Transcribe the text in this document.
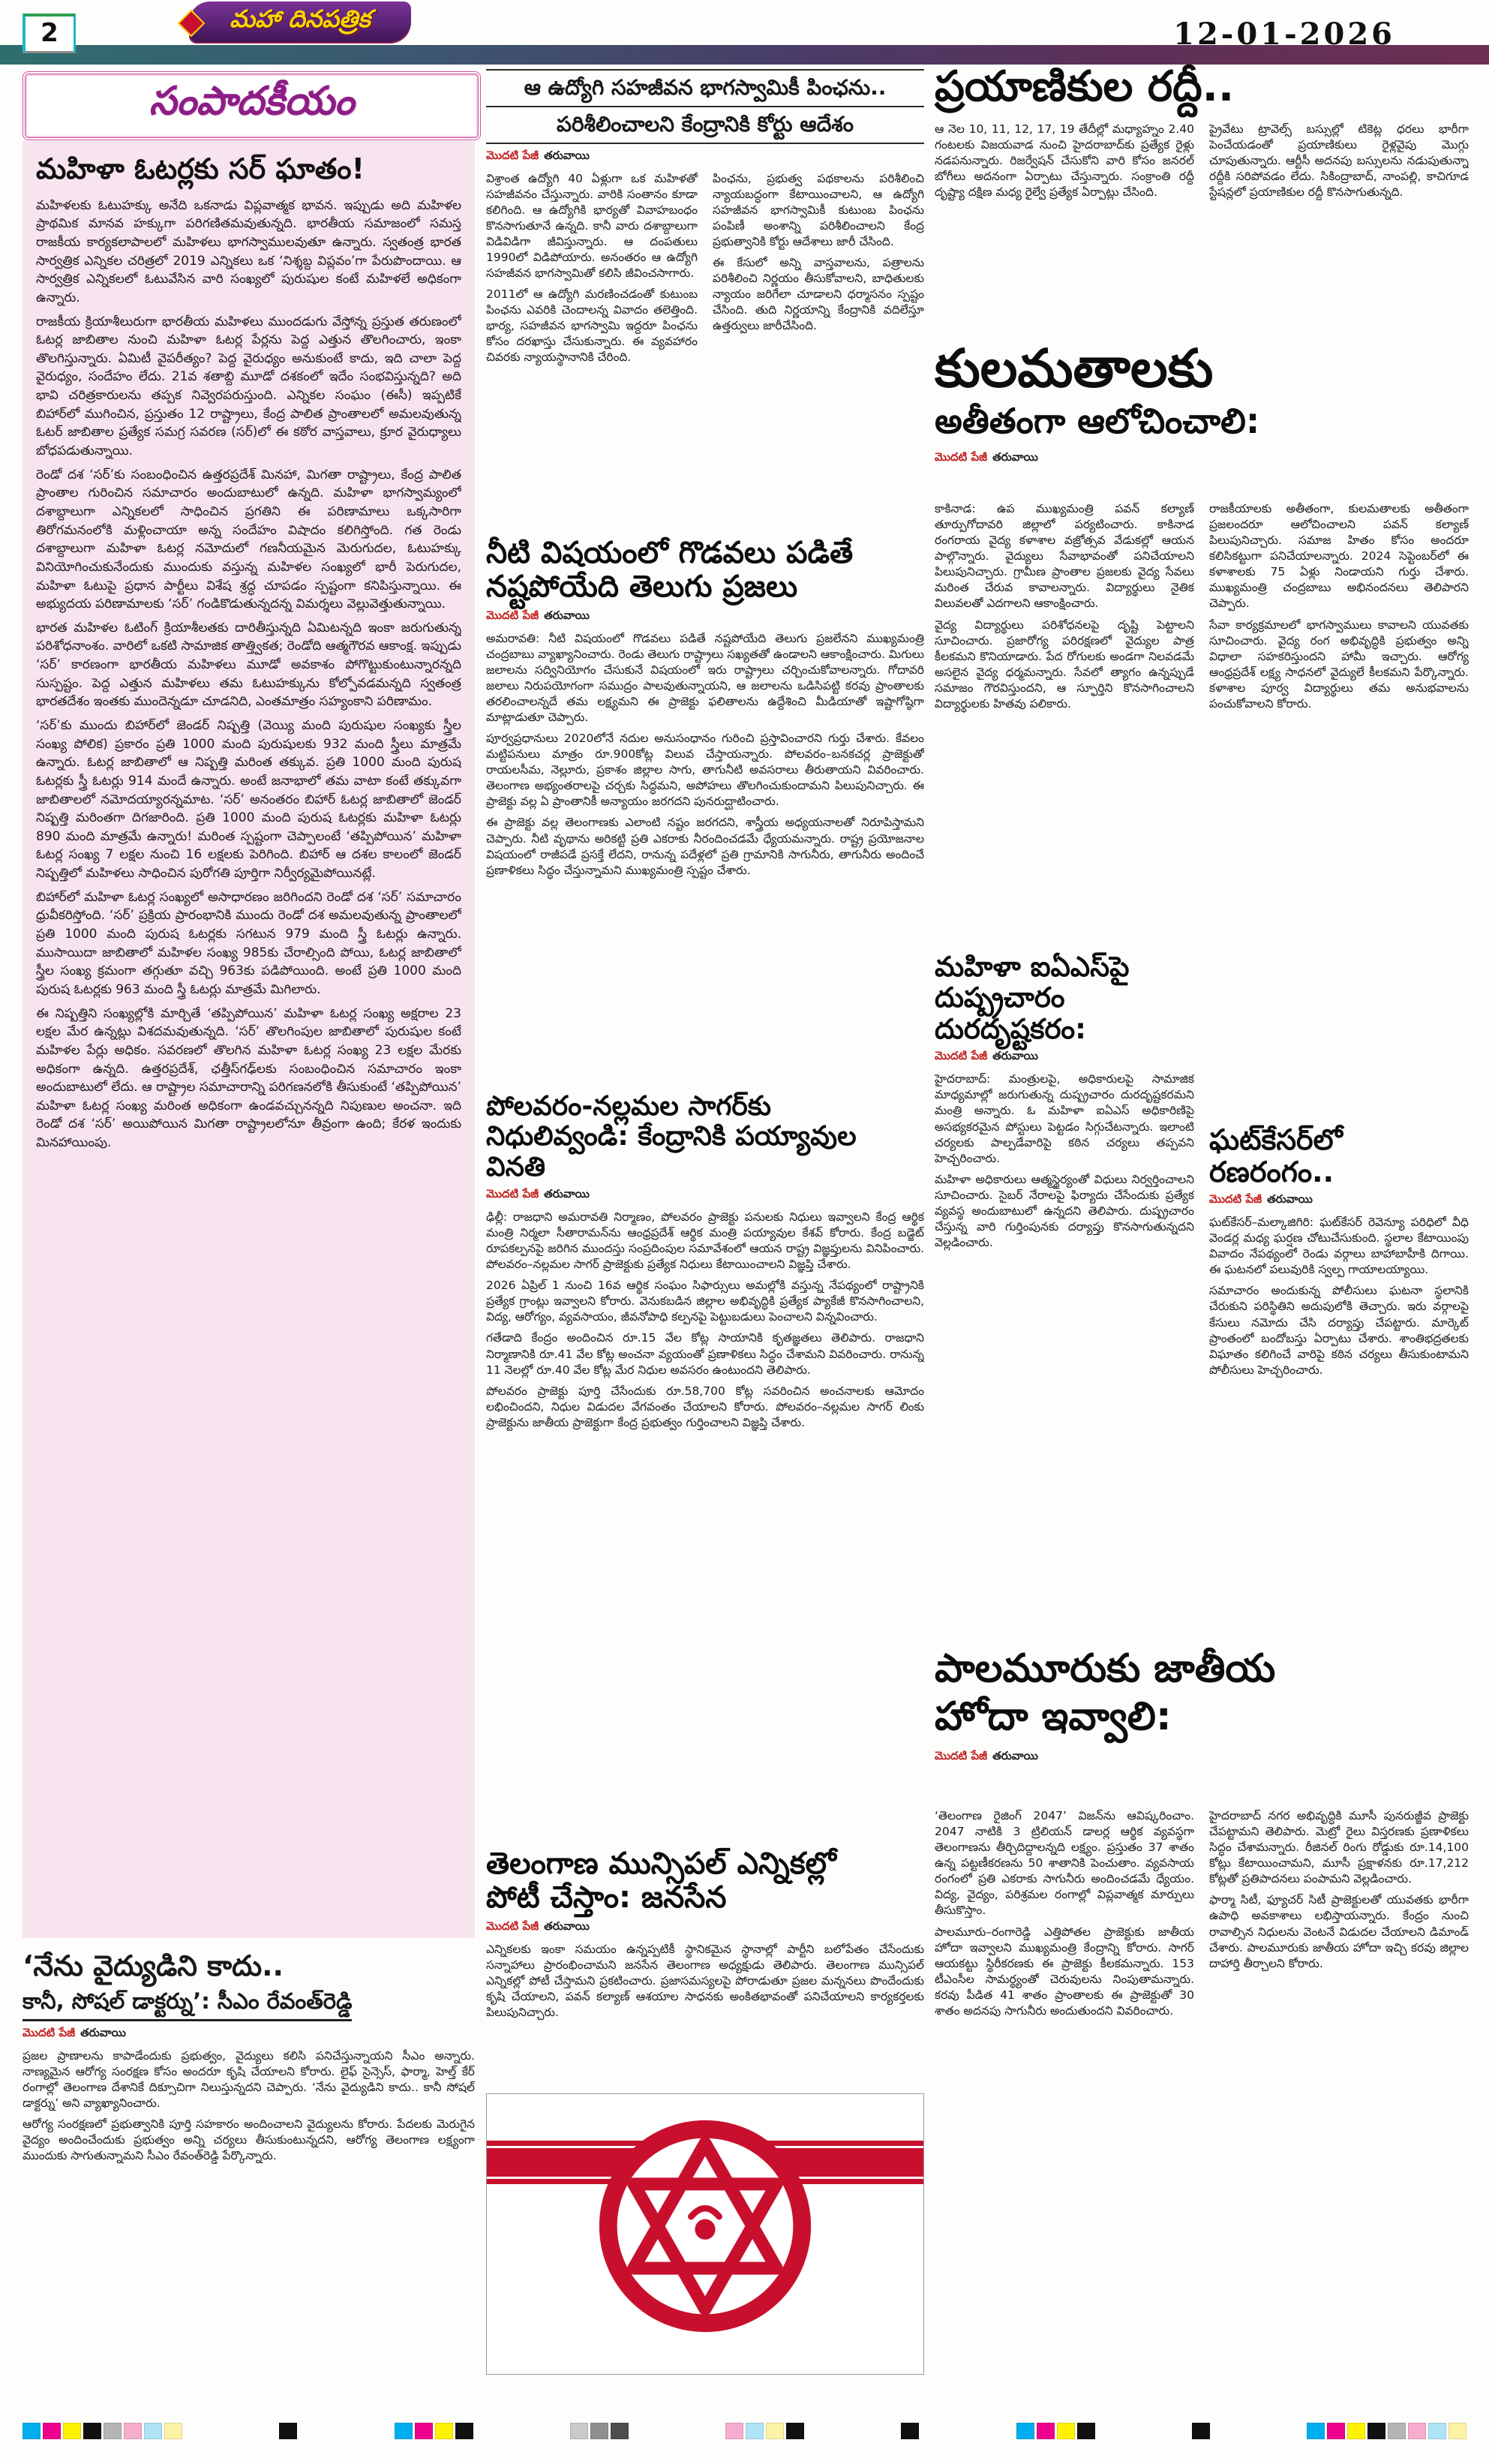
2	మహా దినపత్రిక	12-01-2026
సంపాదకీయం
మహిళా ఓటర్లకు సర్ ఘాతం!

మహిళలకు ఓటుహక్కు అనేది ఒకనాడు విప్లవాత్మక భావన. ఇప్పుడు అది మహిళల ప్రాథమిక మానవ హక్కుగా పరిగణితమవుతున్నది. భారతీయ సమాజంలో సమస్త రాజకీయ కార్యకలాపాలలో మహిళలు భాగస్వాములవుతూ ఉన్నారు. స్వతంత్ర భారత సార్వత్రిక ఎన్నికల చరిత్రలో 2019 ఎన్నికలు ఒక ‘నిశ్శబ్ద విప్లవం’గా పేరుపొందాయి. ఆ సార్వత్రిక ఎన్నికలలో ఓటువేసిన వారి సంఖ్యలో పురుషుల కంటే మహిళలే అధికంగా ఉన్నారు.

రాజకీయ క్రియాశీలురుగా భారతీయ మహిళలు ముందడుగు వేస్తోన్న ప్రస్తుత తరుణంలో ఓటర్ల జాబితాల నుంచి మహిళా ఓటర్ల పేర్లను పెద్ద ఎత్తున తొలగించారు, ఇంకా తొలగిస్తున్నారు. ఏమిటీ వైపరీత్యం? పెద్ద వైరుధ్యం అనుకుంటే కాదు, ఇది చాలా పెద్ద వైరుధ్యం, సందేహం లేదు. 21వ శతాబ్ది మూడో దశకంలో ఇదేం సంభవిస్తున్నది? అది భావి చరిత్రకారులను తప్పక నివ్వెరపరుస్తుంది. ఎన్నికల సంఘం (ఈసీ) ఇప్పటికే బిహార్‌లో ముగించిన, ప్రస్తుతం 12 రాష్ట్రాలు, కేంద్ర పాలిత ప్రాంతాలలో అమలవుతున్న ఓటర్ జాబితాల ప్రత్యేక సమగ్ర సవరణ (సర్)లో ఈ కఠోర వాస్తవాలు, క్రూర వైరుధ్యాలు బోధపడుతున్నాయి.

రెండో దశ ‘సర్’కు సంబంధించిన ఉత్తరప్రదేశ్ మినహా, మిగతా రాష్ట్రాలు, కేంద్ర పాలిత ప్రాంతాల గురించిన సమాచారం అందుబాటులో ఉన్నది. మహిళా భాగస్వామ్యంలో దశాబ్దాలుగా ఎన్నికలలో సాధించిన ప్రగతిని ఈ పరిణామాలు ఒక్కసారిగా తిరోగమనంలోకి మళ్లించాయా అన్న సందేహం విషాదం కలిగిస్తోంది. గత రెండు దశాబ్దాలుగా మహిళా ఓటర్ల నమోదులో గణనీయమైన మెరుగుదల, ఓటుహక్కు వినియోగించుకునేందుకు ముందుకు వస్తున్న మహిళల సంఖ్యలో భారీ పెరుగుదల, మహిళా ఓటుపై ప్రధాన పార్టీలు విశేష శ్రద్ధ చూపడం స్పష్టంగా కనిపిస్తున్నాయి. ఈ అభ్యుదయ పరిణామాలకు ‘సర్’ గండికొడుతున్నదన్న విమర్శలు వెల్లువెత్తుతున్నాయి.

భారత మహిళల ఓటింగ్ క్రియాశీలతకు దారితీస్తున్నది ఏమిటన్నది ఇంకా జరుగుతున్న పరిశోధనాంశం. వారిలో ఒకటి సామాజిక తాత్త్వికత; రెండోది ఆత్మగౌరవ ఆకాంక్ష. ఇప్పుడు ‘సర్’ కారణంగా భారతీయ మహిళలు మూడో అవకాశం పోగొట్టుకుంటున్నారన్నది సుస్పష్టం. పెద్ద ఎత్తున మహిళలు తమ ఓటుహక్కును కోల్పోవడమన్నది స్వతంత్ర భారతదేశం ఇంతకు ముందెన్నడూ చూడనిది, ఎంతమాత్రం సహ్యంకాని పరిణామం.

‘సర్’కు ముందు బిహార్‌లో జెండర్ నిష్పత్తి (వెయ్యి మంది పురుషుల సంఖ్యకు స్త్రీల సంఖ్య పోలిక) ప్రకారం ప్రతి 1000 మంది పురుషులకు 932 మంది స్త్రీలు మాత్రమే ఉన్నారు. ఓటర్ల జాబితాలో ఆ నిష్పత్తి మరింత తక్కువ. ప్రతి 1000 మంది పురుష ఓటర్లకు స్త్రీ ఓటర్లు 914 మందే ఉన్నారు. అంటే జనాభాలో తమ వాటా కంటే తక్కువగా జాబితాలలో నమోదయ్యారన్నమాట. ‘సర్’ అనంతరం బిహార్ ఓటర్ల జాబితాలో జెండర్ నిష్పత్తి మరింతగా దిగజారింది. ప్రతి 1000 మంది పురుష ఓటర్లకు మహిళా ఓటర్లు 890 మంది మాత్రమే ఉన్నారు! మరింత స్పష్టంగా చెప్పాలంటే ‘తప్పిపోయిన’ మహిళా ఓటర్ల సంఖ్య 7 లక్షల నుంచి 16 లక్షలకు పెరిగింది. బిహార్ ఆ దశల కాలంలో జెండర్ నిష్పత్తిలో మహిళలు సాధించిన పురోగతి పూర్తిగా నిర్వీర్యమైపోయినట్లే.

బిహార్‌లో మహిళా ఓటర్ల సంఖ్యలో అసాధారణం జరిగిందని రెండో దశ ‘సర్’ సమాచారం ధ్రువీకరిస్తోంది. ‘సర్’ ప్రక్రియ ప్రారంభానికి ముందు రెండో దశ అమలవుతున్న ప్రాంతాలలో ప్రతి 1000 మంది పురుష ఓటర్లకు సగటున 979 మంది స్త్రీ ఓటర్లు ఉన్నారు. ముసాయిదా జాబితాలో మహిళల సంఖ్య 985కు చేరాల్సింది పోయి, ఓటర్ల జాబితాలో స్త్రీల సంఖ్య క్రమంగా తగ్గుతూ వచ్చి 963కు పడిపోయింది. అంటే ప్రతి 1000 మంది పురుష ఓటర్లకు 963 మంది స్త్రీ ఓటర్లు మాత్రమే మిగిలారు.

ఈ నిష్పత్తిని సంఖ్యల్లోకి మార్చితే ‘తప్పిపోయిన’ మహిళా ఓటర్ల సంఖ్య అక్షరాల 23 లక్షల మేర ఉన్నట్లు విశదమవుతున్నది. ‘సర్’ తొలగింపుల జాబితాలో పురుషుల కంటే మహిళల పేర్లు అధికం. సవరణలో తొలగిన మహిళా ఓటర్ల సంఖ్య 23 లక్షల మేరకు అధికంగా ఉన్నది. ఉత్తరప్రదేశ్, ఛత్తీస్‌గఢ్‌లకు సంబంధించిన సమాచారం ఇంకా అందుబాటులో లేదు. ఆ రాష్ట్రాల సమాచారాన్ని పరిగణనలోకి తీసుకుంటే ‘తప్పిపోయిన’ మహిళా ఓటర్ల సంఖ్య మరింత అధికంగా ఉండవచ్చునన్నది నిపుణుల అంచనా. ఇది రెండో దశ ‘సర్’ అయిపోయిన మిగతా రాష్ట్రాలలోనూ తీవ్రంగా ఉంది; కేరళ ఇందుకు మినహాయింపు.

‘నేను వైద్యుడిని కాదు..
కానీ, సోషల్ డాక్టర్ను’: సీఎం రేవంత్‌రెడ్డి
మొదటి పేజీ తరువాయి

ప్రజల ప్రాణాలను కాపాడేందుకు ప్రభుత్వం, వైద్యులు కలిసి పనిచేస్తున్నాయని సీఎం అన్నారు. నాణ్యమైన ఆరోగ్య సంరక్షణ కోసం అందరూ కృషి చేయాలని కోరారు. లైఫ్ సైన్సెస్, ఫార్మా, హెల్త్ కేర్ రంగాల్లో తెలంగాణ దేశానికే దిక్సూచిగా నిలుస్తున్నదని చెప్పారు. ‘నేను వైద్యుడిని కాదు.. కానీ సోషల్ డాక్టర్ను’ అని వ్యాఖ్యానించారు.

ఆరోగ్య సంరక్షణలో ప్రభుత్వానికి పూర్తి సహకారం అందించాలని వైద్యులను కోరారు. పేదలకు మెరుగైన వైద్యం అందించేందుకు ప్రభుత్వం అన్ని చర్యలు తీసుకుంటున్నదని, ఆరోగ్య తెలంగాణ లక్ష్యంగా ముందుకు సాగుతున్నామని సీఎం రేవంత్‌రెడ్డి పేర్కొన్నారు.

ఆ ఉద్యోగి సహజీవన భాగస్వామికీ పింఛను..
పరిశీలించాలని కేంద్రానికి కోర్టు ఆదేశం
మొదటి పేజీ తరువాయి

విశ్రాంత ఉద్యోగి 40 ఏళ్లుగా ఒక మహిళతో సహజీవనం చేస్తున్నారు. వారికి సంతానం కూడా కలిగింది. ఆ ఉద్యోగికి భార్యతో వివాహబంధం కొనసాగుతూనే ఉన్నది. కానీ వారు దశాబ్దాలుగా విడివిడిగా జీవిస్తున్నారు. ఆ దంపతులు 1990లో విడిపోయారు. అనంతరం ఆ ఉద్యోగి సహజీవన భాగస్వామితో కలిసి జీవించసాగారు.

2011లో ఆ ఉద్యోగి మరణించడంతో కుటుంబ పింఛను ఎవరికి చెందాలన్న వివాదం తలెత్తింది. భార్య, సహజీవన భాగస్వామి ఇద్దరూ పింఛను కోసం దరఖాస్తు చేసుకున్నారు. ఈ వ్యవహారం చివరకు న్యాయస్థానానికి చేరింది.

పింఛను, ప్రభుత్వ పథకాలను పరిశీలించి న్యాయబద్ధంగా కేటాయించాలని, ఆ ఉద్యోగి సహజీవన భాగస్వామికీ కుటుంబ పింఛను పంపిణీ అంశాన్ని పరిశీలించాలని కేంద్ర ప్రభుత్వానికి కోర్టు ఆదేశాలు జారీ చేసింది.

ఈ కేసులో అన్ని వాస్తవాలను, పత్రాలను పరిశీలించి నిర్ణయం తీసుకోవాలని, బాధితులకు న్యాయం జరిగేలా చూడాలని ధర్మాసనం స్పష్టం చేసింది. తుది నిర్ణయాన్ని కేంద్రానికి వదిలేస్తూ ఉత్తర్వులు జారీచేసింది.

నీటి విషయంలో గొడవలు పడితే
నష్టపోయేది తెలుగు ప్రజలు
మొదటి పేజీ తరువాయి

అమరావతి: నీటి విషయంలో గొడవలు పడితే నష్టపోయేది తెలుగు ప్రజలేనని ముఖ్యమంత్రి చంద్రబాబు వ్యాఖ్యానించారు. రెండు తెలుగు రాష్ట్రాలు సఖ్యతతో ఉండాలని ఆకాంక్షించారు. మిగులు జలాలను సద్వినియోగం చేసుకునే విషయంలో ఇరు రాష్ట్రాలు చర్చించుకోవాలన్నారు. గోదావరి జలాలు నిరుపయోగంగా సముద్రం పాలవుతున్నాయని, ఆ జలాలను ఒడిసిపట్టి కరవు ప్రాంతాలకు తరలించాలన్నదే తమ లక్ష్యమని ఈ ప్రాజెక్టు ఫలితాలను ఉద్దేశించి మీడియాతో ఇష్టాగోష్ఠిగా మాట్లాడుతూ చెప్పారు.

పూర్వప్రధానులు 2020లోనే నదుల అనుసంధానం గురించి ప్రస్తావించారని గుర్తు చేశారు. కేవలం మట్టిపనులు మాత్రం రూ.900కోట్ల విలువ చేస్తాయన్నారు. పోలవరం–బనకచర్ల ప్రాజెక్టుతో రాయలసీమ, నెల్లూరు, ప్రకాశం జిల్లాల సాగు, తాగునీటి అవసరాలు తీరుతాయని వివరించారు. తెలంగాణ అభ్యంతరాలపై చర్చకు సిద్ధమని, అపోహలు తొలగించుకుందామని పిలుపునిచ్చారు. ఈ ప్రాజెక్టు వల్ల ఏ ప్రాంతానికీ అన్యాయం జరగదని పునరుద్ఘాటించారు.

ఈ ప్రాజెక్టు వల్ల తెలంగాణకు ఎలాంటి నష్టం జరగదని, శాస్త్రీయ అధ్యయనాలతో నిరూపిస్తామని చెప్పారు. నీటి వృథాను అరికట్టి ప్రతి ఎకరాకు నీరందించడమే ధ్యేయమన్నారు. రాష్ట్ర ప్రయోజనాల విషయంలో రాజీపడే ప్రసక్తే లేదని, రానున్న పదేళ్లలో ప్రతి గ్రామానికి సాగునీరు, తాగునీరు అందించే ప్రణాళికలు సిద్ధం చేస్తున్నామని ముఖ్యమంత్రి స్పష్టం చేశారు.

పోలవరం-నల్లమల సాగర్‌కు
నిధులివ్వండి: కేంద్రానికి పయ్యావుల వినతి
మొదటి పేజీ తరువాయి

ఢిల్లీ: రాజధాని అమరావతి నిర్మాణం, పోలవరం ప్రాజెక్టు పనులకు నిధులు ఇవ్వాలని కేంద్ర ఆర్థిక మంత్రి నిర్మలా సీతారామన్‌ను ఆంధ్రప్రదేశ్ ఆర్థిక మంత్రి పయ్యావుల కేశవ్ కోరారు. కేంద్ర బడ్జెట్ రూపకల్పనపై జరిగిన ముందస్తు సంప్రదింపుల సమావేశంలో ఆయన రాష్ట్ర విజ్ఞప్తులను వినిపించారు. పోలవరం–నల్లమల సాగర్ ప్రాజెక్టుకు ప్రత్యేక నిధులు కేటాయించాలని విజ్ఞప్తి చేశారు.

2026 ఏప్రిల్ 1 నుంచి 16వ ఆర్థిక సంఘం సిఫార్సులు అమల్లోకి వస్తున్న నేపథ్యంలో రాష్ట్రానికి ప్రత్యేక గ్రాంట్లు ఇవ్వాలని కోరారు. వెనుకబడిన జిల్లాల అభివృద్ధికి ప్రత్యేక ప్యాకేజీ కొనసాగించాలని, విద్య, ఆరోగ్యం, వ్యవసాయం, జీవనోపాధి కల్పనపై పెట్టుబడులు పెంచాలని విన్నవించారు.

గతేడాది కేంద్రం అందించిన రూ.15 వేల కోట్ల సాయానికి కృతజ్ఞతలు తెలిపారు. రాజధాని నిర్మాణానికి రూ.41 వేల కోట్ల అంచనా వ్యయంతో ప్రణాళికలు సిద్ధం చేశామని వివరించారు. రానున్న 11 నెలల్లో రూ.40 వేల కోట్ల మేర నిధుల అవసరం ఉంటుందని తెలిపారు.

పోలవరం ప్రాజెక్టు పూర్తి చేసేందుకు రూ.58,700 కోట్ల సవరించిన అంచనాలకు ఆమోదం లభించిందని, నిధుల విడుదల వేగవంతం చేయాలని కోరారు. పోలవరం–నల్లమల సాగర్ లింకు ప్రాజెక్టును జాతీయ ప్రాజెక్టుగా కేంద్ర ప్రభుత్వం గుర్తించాలని విజ్ఞప్తి చేశారు.

తెలంగాణ మున్సిపల్ ఎన్నికల్లో
పోటీ చేస్తాం: జనసేన
మొదటి పేజీ తరువాయి

ఎన్నికలకు ఇంకా సమయం ఉన్నప్పటికీ స్థానికమైన స్థానాల్లో పార్టీని బలోపేతం చేసేందుకు సన్నాహాలు ప్రారంభించామని జనసేన తెలంగాణ అధ్యక్షుడు తెలిపారు. తెలంగాణ మున్సిపల్ ఎన్నికల్లో పోటీ చేస్తామని ప్రకటించారు. ప్రజాసమస్యలపై పోరాడుతూ ప్రజల మన్ననలు పొందేందుకు కృషి చేయాలని, పవన్ కల్యాణ్ ఆశయాల సాధనకు అంకితభావంతో పనిచేయాలని కార్యకర్తలకు పిలుపునిచ్చారు.

ప్రయాణికుల రద్దీ..

ఆ నెల 10, 11, 12, 17, 19 తేదీల్లో మధ్యాహ్నం 2.40 గంటలకు విజయవాడ నుంచి హైదరాబాద్‌కు ప్రత్యేక రైళ్లు నడపనున్నారు. రిజర్వేషన్ చేసుకోని వారి కోసం జనరల్ బోగీలు అదనంగా ఏర్పాటు చేస్తున్నారు. సంక్రాంతి రద్దీ దృష్ట్యా దక్షిణ మధ్య రైల్వే ప్రత్యేక ఏర్పాట్లు చేసింది.

ప్రైవేటు ట్రావెల్స్ బస్సుల్లో టికెట్ల ధరలు భారీగా పెంచేయడంతో ప్రయాణికులు రైళ్లవైపు మొగ్గు చూపుతున్నారు. ఆర్టీసీ అదనపు బస్సులను నడుపుతున్నా రద్దీకి సరిపోవడం లేదు. సికింద్రాబాద్, నాంపల్లి, కాచిగూడ స్టేషన్లలో ప్రయాణికుల రద్దీ కొనసాగుతున్నది.

కులమతాలకు
అతీతంగా ఆలోచించాలి:
మొదటి పేజీ తరువాయి

కాకినాడ: ఉప ముఖ్యమంత్రి పవన్ కల్యాణ్ తూర్పుగోదావరి జిల్లాలో పర్యటించారు. కాకినాడ రంగరాయ వైద్య కళాశాల వజ్రోత్సవ వేడుకల్లో ఆయన పాల్గొన్నారు. వైద్యులు సేవాభావంతో పనిచేయాలని పిలుపునిచ్చారు. గ్రామీణ ప్రాంతాల ప్రజలకు వైద్య సేవలు మరింత చేరువ కావాలన్నారు. విద్యార్థులు నైతిక విలువలతో ఎదగాలని ఆకాంక్షించారు.

వైద్య విద్యార్థులు పరిశోధనలపై దృష్టి పెట్టాలని సూచించారు. ప్రజారోగ్య పరిరక్షణలో వైద్యుల పాత్ర కీలకమని కొనియాడారు. పేద రోగులకు అండగా నిలవడమే అసలైన వైద్య ధర్మమన్నారు. సేవలో త్యాగం ఉన్నప్పుడే సమాజం గౌరవిస్తుందని, ఆ స్ఫూర్తిని కొనసాగించాలని విద్యార్థులకు హితవు పలికారు.

రాజకీయాలకు అతీతంగా, కులమతాలకు అతీతంగా ప్రజలందరూ ఆలోచించాలని పవన్ కల్యాణ్ పిలుపునిచ్చారు. సమాజ హితం కోసం అందరూ కలిసికట్టుగా పనిచేయాలన్నారు. 2024 సెప్టెంబర్‌లో ఈ కళాశాలకు 75 ఏళ్లు నిండాయని గుర్తు చేశారు. ముఖ్యమంత్రి చంద్రబాబు అభినందనలు తెలిపారని చెప్పారు.

సేవా కార్యక్రమాలలో భాగస్వాములు కావాలని యువతకు సూచించారు. వైద్య రంగ అభివృద్ధికి ప్రభుత్వం అన్ని విధాలా సహకరిస్తుందని హామీ ఇచ్చారు. ఆరోగ్య ఆంధ్రప్రదేశ్ లక్ష్య సాధనలో వైద్యులే కీలకమని పేర్కొన్నారు. కళాశాల పూర్వ విద్యార్థులు తమ అనుభవాలను పంచుకోవాలని కోరారు.

మహిళా ఐఏఎస్‌పై
దుష్ప్రచారం దురదృష్టకరం:
మొదటి పేజీ తరువాయి

హైదరాబాద్: మంత్రులపై, అధికారులపై సామాజిక మాధ్యమాల్లో జరుగుతున్న దుష్ప్రచారం దురదృష్టకరమని మంత్రి అన్నారు. ఓ మహిళా ఐఏఎస్ అధికారిణిపై అసభ్యకరమైన పోస్టులు పెట్టడం సిగ్గుచేటన్నారు. ఇలాంటి చర్యలకు పాల్పడేవారిపై కఠిన చర్యలు తప్పవని హెచ్చరించారు.

మహిళా అధికారులు ఆత్మస్థైర్యంతో విధులు నిర్వర్తించాలని సూచించారు. సైబర్ నేరాలపై ఫిర్యాదు చేసేందుకు ప్రత్యేక వ్యవస్థ అందుబాటులో ఉన్నదని తెలిపారు. దుష్ప్రచారం చేస్తున్న వారి గుర్తింపునకు దర్యాప్తు కొనసాగుతున్నదని వెల్లడించారు.

ఘట్‌కేసర్‌లో రణరంగం..
మొదటి పేజీ తరువాయి

ఘట్‌కేసర్–మల్కాజిగిరి: ఘట్‌కేసర్ రెవెన్యూ పరిధిలో వీధి వెండర్ల మధ్య ఘర్షణ చోటుచేసుకుంది. స్థలాల కేటాయింపు వివాదం నేపథ్యంలో రెండు వర్గాలు బాహాబాహీకి దిగాయి. ఈ ఘటనలో పలువురికి స్వల్ప గాయాలయ్యాయి.

సమాచారం అందుకున్న పోలీసులు ఘటనా స్థలానికి చేరుకుని పరిస్థితిని అదుపులోకి తెచ్చారు. ఇరు వర్గాలపై కేసులు నమోదు చేసి దర్యాప్తు చేపట్టారు. మార్కెట్ ప్రాంతంలో బందోబస్తు ఏర్పాటు చేశారు. శాంతిభద్రతలకు విఘాతం కలిగించే వారిపై కఠిన చర్యలు తీసుకుంటామని పోలీసులు హెచ్చరించారు.

పాలమూరుకు జాతీయ
హోదా ఇవ్వాలి:
మొదటి పేజీ తరువాయి

‘తెలంగాణ రైజింగ్ 2047’ విజన్‌ను ఆవిష్కరించాం. 2047 నాటికి 3 ట్రిలియన్ డాలర్ల ఆర్థిక వ్యవస్థగా తెలంగాణను తీర్చిదిద్దాలన్నది లక్ష్యం. ప్రస్తుతం 37 శాతం ఉన్న పట్టణీకరణను 50 శాతానికి పెంచుతాం. వ్యవసాయ రంగంలో ప్రతి ఎకరాకు సాగునీరు అందించడమే ధ్యేయం. విద్య, వైద్యం, పరిశ్రమల రంగాల్లో విప్లవాత్మక మార్పులు తీసుకొస్తాం.

పాలమూరు–రంగారెడ్డి ఎత్తిపోతల ప్రాజెక్టుకు జాతీయ హోదా ఇవ్వాలని ముఖ్యమంత్రి కేంద్రాన్ని కోరారు. సాగర్ ఆయకట్టు స్థిరీకరణకు ఈ ప్రాజెక్టు కీలకమన్నారు. 153 టీఎంసీల సామర్థ్యంతో చెరువులను నింపుతామన్నారు. కరవు పీడిత 41 శాతం ప్రాంతాలకు ఈ ప్రాజెక్టుతో 30 శాతం అదనపు సాగునీరు అందుతుందని వివరించారు.

హైదరాబాద్ నగర అభివృద్ధికి మూసీ పునరుజ్జీవ ప్రాజెక్టు చేపట్టామని తెలిపారు. మెట్రో రైలు విస్తరణకు ప్రణాళికలు సిద్ధం చేశామన్నారు. రీజినల్ రింగు రోడ్డుకు రూ.14,100 కోట్లు కేటాయించామని, మూసీ ప్రక్షాళనకు రూ.17,212 కోట్లతో ప్రతిపాదనలు పంపామని వెల్లడించారు.

ఫార్మా సిటీ, ఫ్యూచర్ సిటీ ప్రాజెక్టులతో యువతకు భారీగా ఉపాధి అవకాశాలు లభిస్తాయన్నారు. కేంద్రం నుంచి రావాల్సిన నిధులను వెంటనే విడుదల చేయాలని డిమాండ్ చేశారు. పాలమూరుకు జాతీయ హోదా ఇచ్చి కరవు జిల్లాల దాహార్తి తీర్చాలని కోరారు.
